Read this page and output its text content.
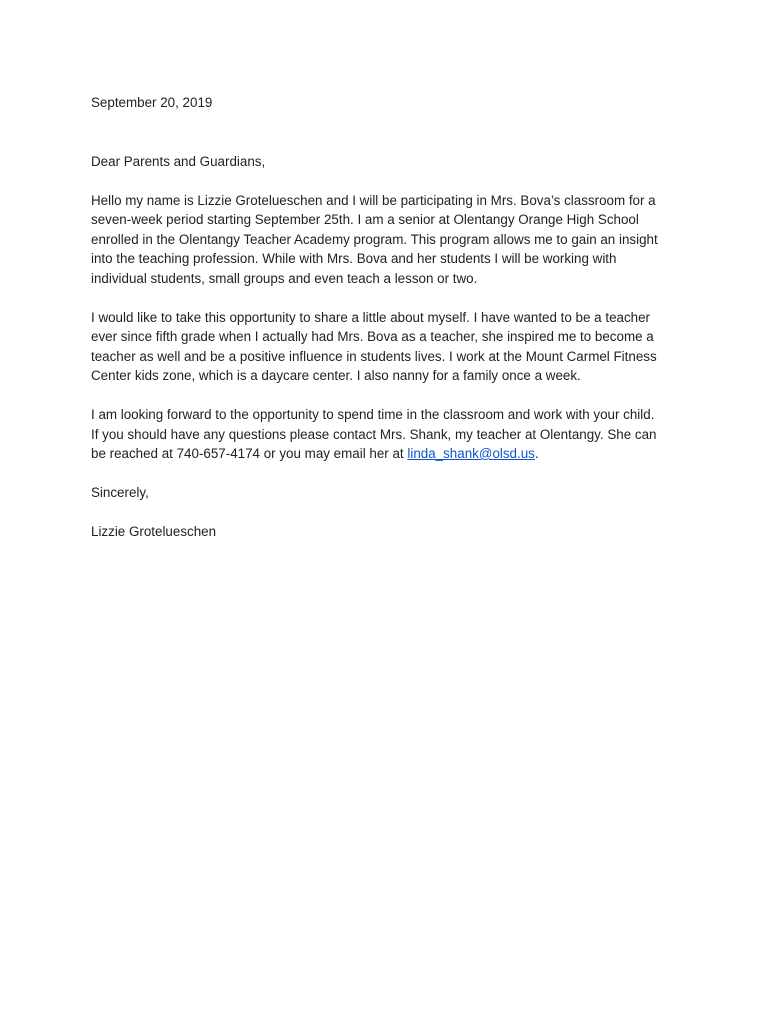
September 20, 2019

Dear Parents and Guardians,

Hello my name is Lizzie Grotelueschen and I will be participating in Mrs. Bova’s classroom for a
seven-week period starting September 25th. I am a senior at Olentangy Orange High School
enrolled in the Olentangy Teacher Academy program. This program allows me to gain an insight
into the teaching profession. While with Mrs. Bova and her students I will be working with
individual students, small groups and even teach a lesson or two.

I would like to take this opportunity to share a little about myself. I have wanted to be a teacher
ever since fifth grade when I actually had Mrs. Bova as a teacher, she inspired me to become a
teacher as well and be a positive influence in students lives. I work at the Mount Carmel Fitness
Center kids zone, which is a daycare center. I also nanny for a family once a week.

I am looking forward to the opportunity to spend time in the classroom and work with your child.
If you should have any questions please contact Mrs. Shank, my teacher at Olentangy. She can
be reached at 740-657-4174 or you may email her at linda_shank@olsd.us.

Sincerely,

Lizzie Grotelueschen
